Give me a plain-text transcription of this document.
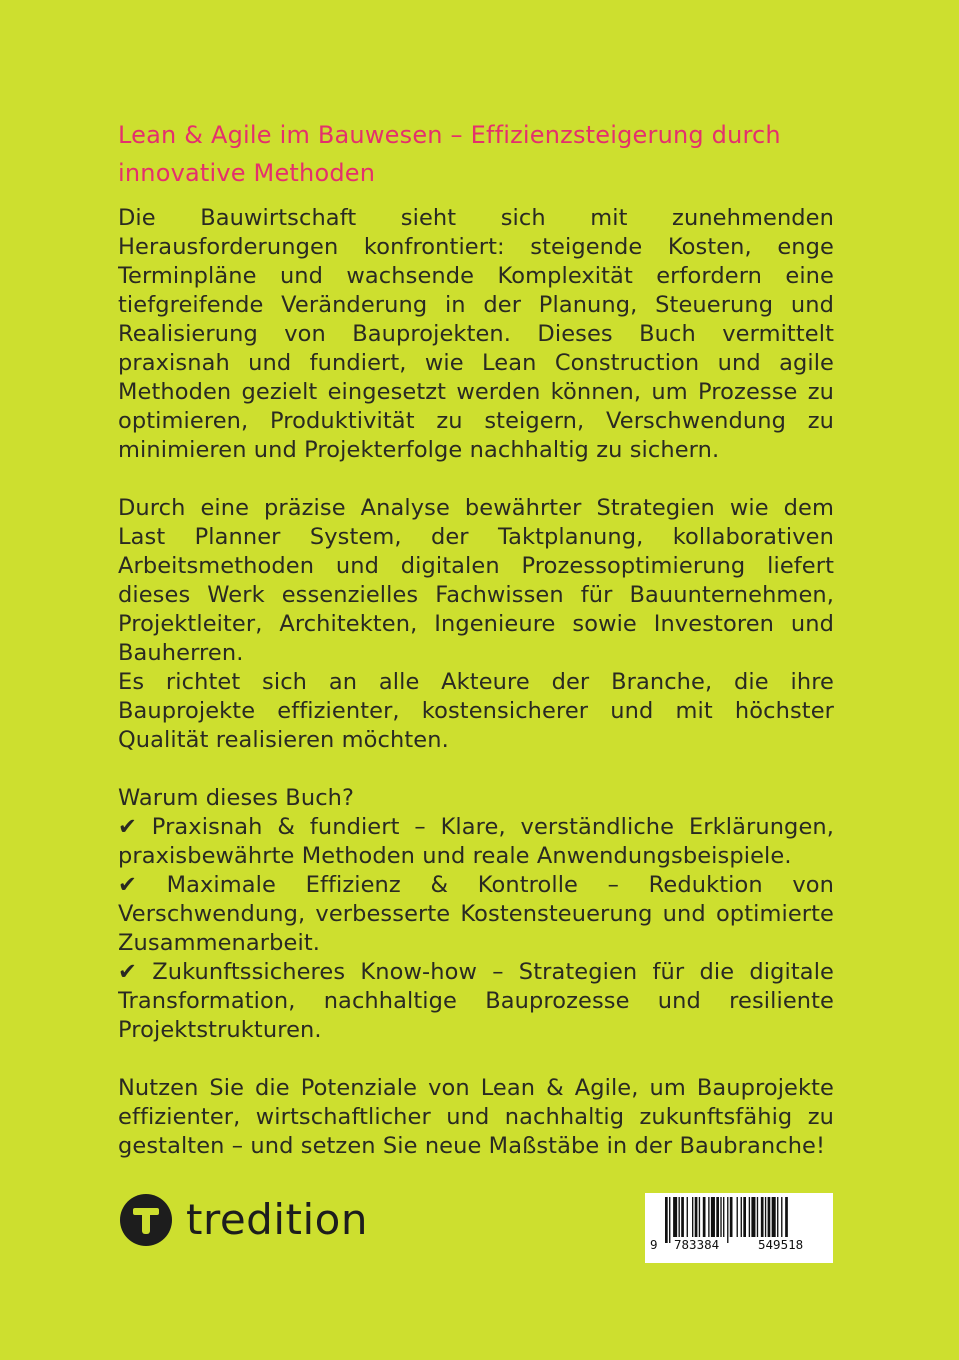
Lean & Agile im Bauwesen – Effizienzsteigerung durch innovative Methoden

Die Bauwirtschaft sieht sich mit zunehmenden Herausforderungen konfrontiert: steigende Kosten, enge Terminpläne und wachsende Komplexität erfordern eine tiefgreifende Veränderung in der Planung, Steuerung und Realisierung von Bauprojekten. Dieses Buch vermittelt praxisnah und fundiert, wie Lean Construction und agile Methoden gezielt eingesetzt werden können, um Prozesse zu optimieren, Produktivität zu steigern, Verschwendung zu minimieren und Projekterfolge nachhaltig zu sichern.

Durch eine präzise Analyse bewährter Strategien wie dem Last Planner System, der Taktplanung, kollaborativen Arbeitsmethoden und digitalen Prozessoptimierung liefert dieses Werk essenzielles Fachwissen für Bauunternehmen, Projektleiter, Architekten, Ingenieure sowie Investoren und Bauherren.

Es richtet sich an alle Akteure der Branche, die ihre Bauprojekte effizienter, kostensicherer und mit höchster Qualität realisieren möchten.

Warum dieses Buch?

✔ Praxisnah & fundiert – Klare, verständliche Erklärungen, praxisbewährte Methoden und reale Anwendungsbeispiele.

✔ Maximale Effizienz & Kontrolle – Reduktion von Verschwendung, verbesserte Kostensteuerung und optimierte Zusammenarbeit.

✔ Zukunftssicheres Know-how – Strategien für die digitale Transformation, nachhaltige Bauprozesse und resiliente Projektstrukturen.

Nutzen Sie die Potenziale von Lean & Agile, um Bauprojekte effizienter, wirtschaftlicher und nachhaltig zukunftsfähig zu gestalten – und setzen Sie neue Maßstäbe in der Baubranche!

tredition
9 783384	549518
